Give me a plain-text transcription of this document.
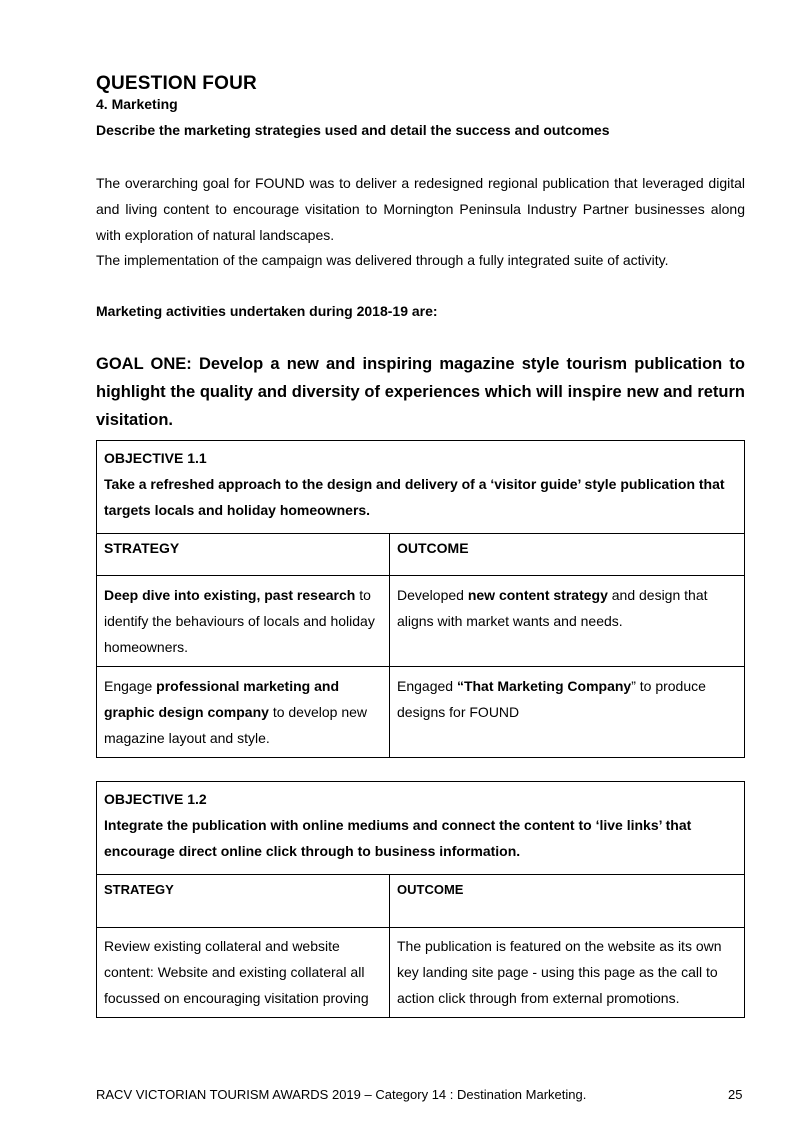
QUESTION FOUR
4. Marketing
Describe the marketing strategies used and detail the success and outcomes
The overarching goal for FOUND was to deliver a redesigned regional publication that leveraged digital and living content to encourage visitation to Mornington Peninsula Industry Partner businesses along with exploration of natural landscapes.
The implementation of the campaign was delivered through a fully integrated suite of activity.
Marketing activities undertaken during 2018-19 are:
GOAL ONE: Develop a new and inspiring magazine style tourism publication to highlight the quality and diversity of experiences which will inspire new and return visitation.
OBJECTIVE 1.1
Take a refreshed approach to the design and delivery of a ‘visitor guide’ style publication that targets locals and holiday homeowners.	

STRATEGY	OUTCOME
Deep dive into existing, past research to identify the behaviours of locals and holiday homeowners.	Developed new content strategy and design that aligns with market wants and needs.
Engage professional marketing and graphic design company to develop new magazine layout and style.	Engaged “That Marketing Company” to produce designs for FOUND
OBJECTIVE 1.2
Integrate the publication with online mediums and connect the content to ‘live links’ that encourage direct online click through to business information.	

STRATEGY	OUTCOME
Review existing collateral and website content: Website and existing collateral all focussed on encouraging visitation proving	The publication is featured on the website as its own key landing site page - using this page as the call to action click through from external promotions.
RACV VICTORIAN TOURISM AWARDS 2019 – Category 14 : Destination Marketing.	25
